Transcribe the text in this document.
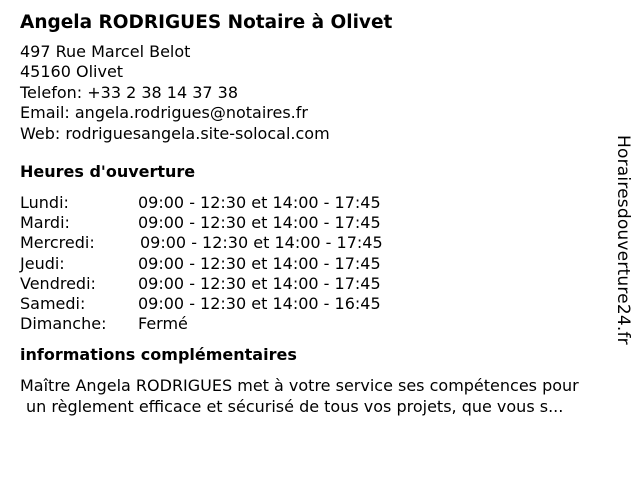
Angela RODRIGUES Notaire à Olivet
497 Rue Marcel Belot
45160 Olivet
Telefon: +33 2 38 14 37 38
Email: angela.rodrigues@notaires.fr
Web: rodriguesangela.site-solocal.com
Heures d'ouverture
Lundi:	09:00 - 12:30 et 14:00 - 17:45
Mardi:	09:00 - 12:30 et 14:00 - 17:45
Mercredi:	09:00 - 12:30 et 14:00 - 17:45
Jeudi:	09:00 - 12:30 et 14:00 - 17:45
Vendredi:	09:00 - 12:30 et 14:00 - 17:45
Samedi:	09:00 - 12:30 et 14:00 - 16:45
Dimanche:	Fermé
informations complémentaires
Maître Angela RODRIGUES met à votre service ses compétences pour
un règlement efficace et sécurisé de tous vos projets, que vous s...
Horairesdouverture24.fr
